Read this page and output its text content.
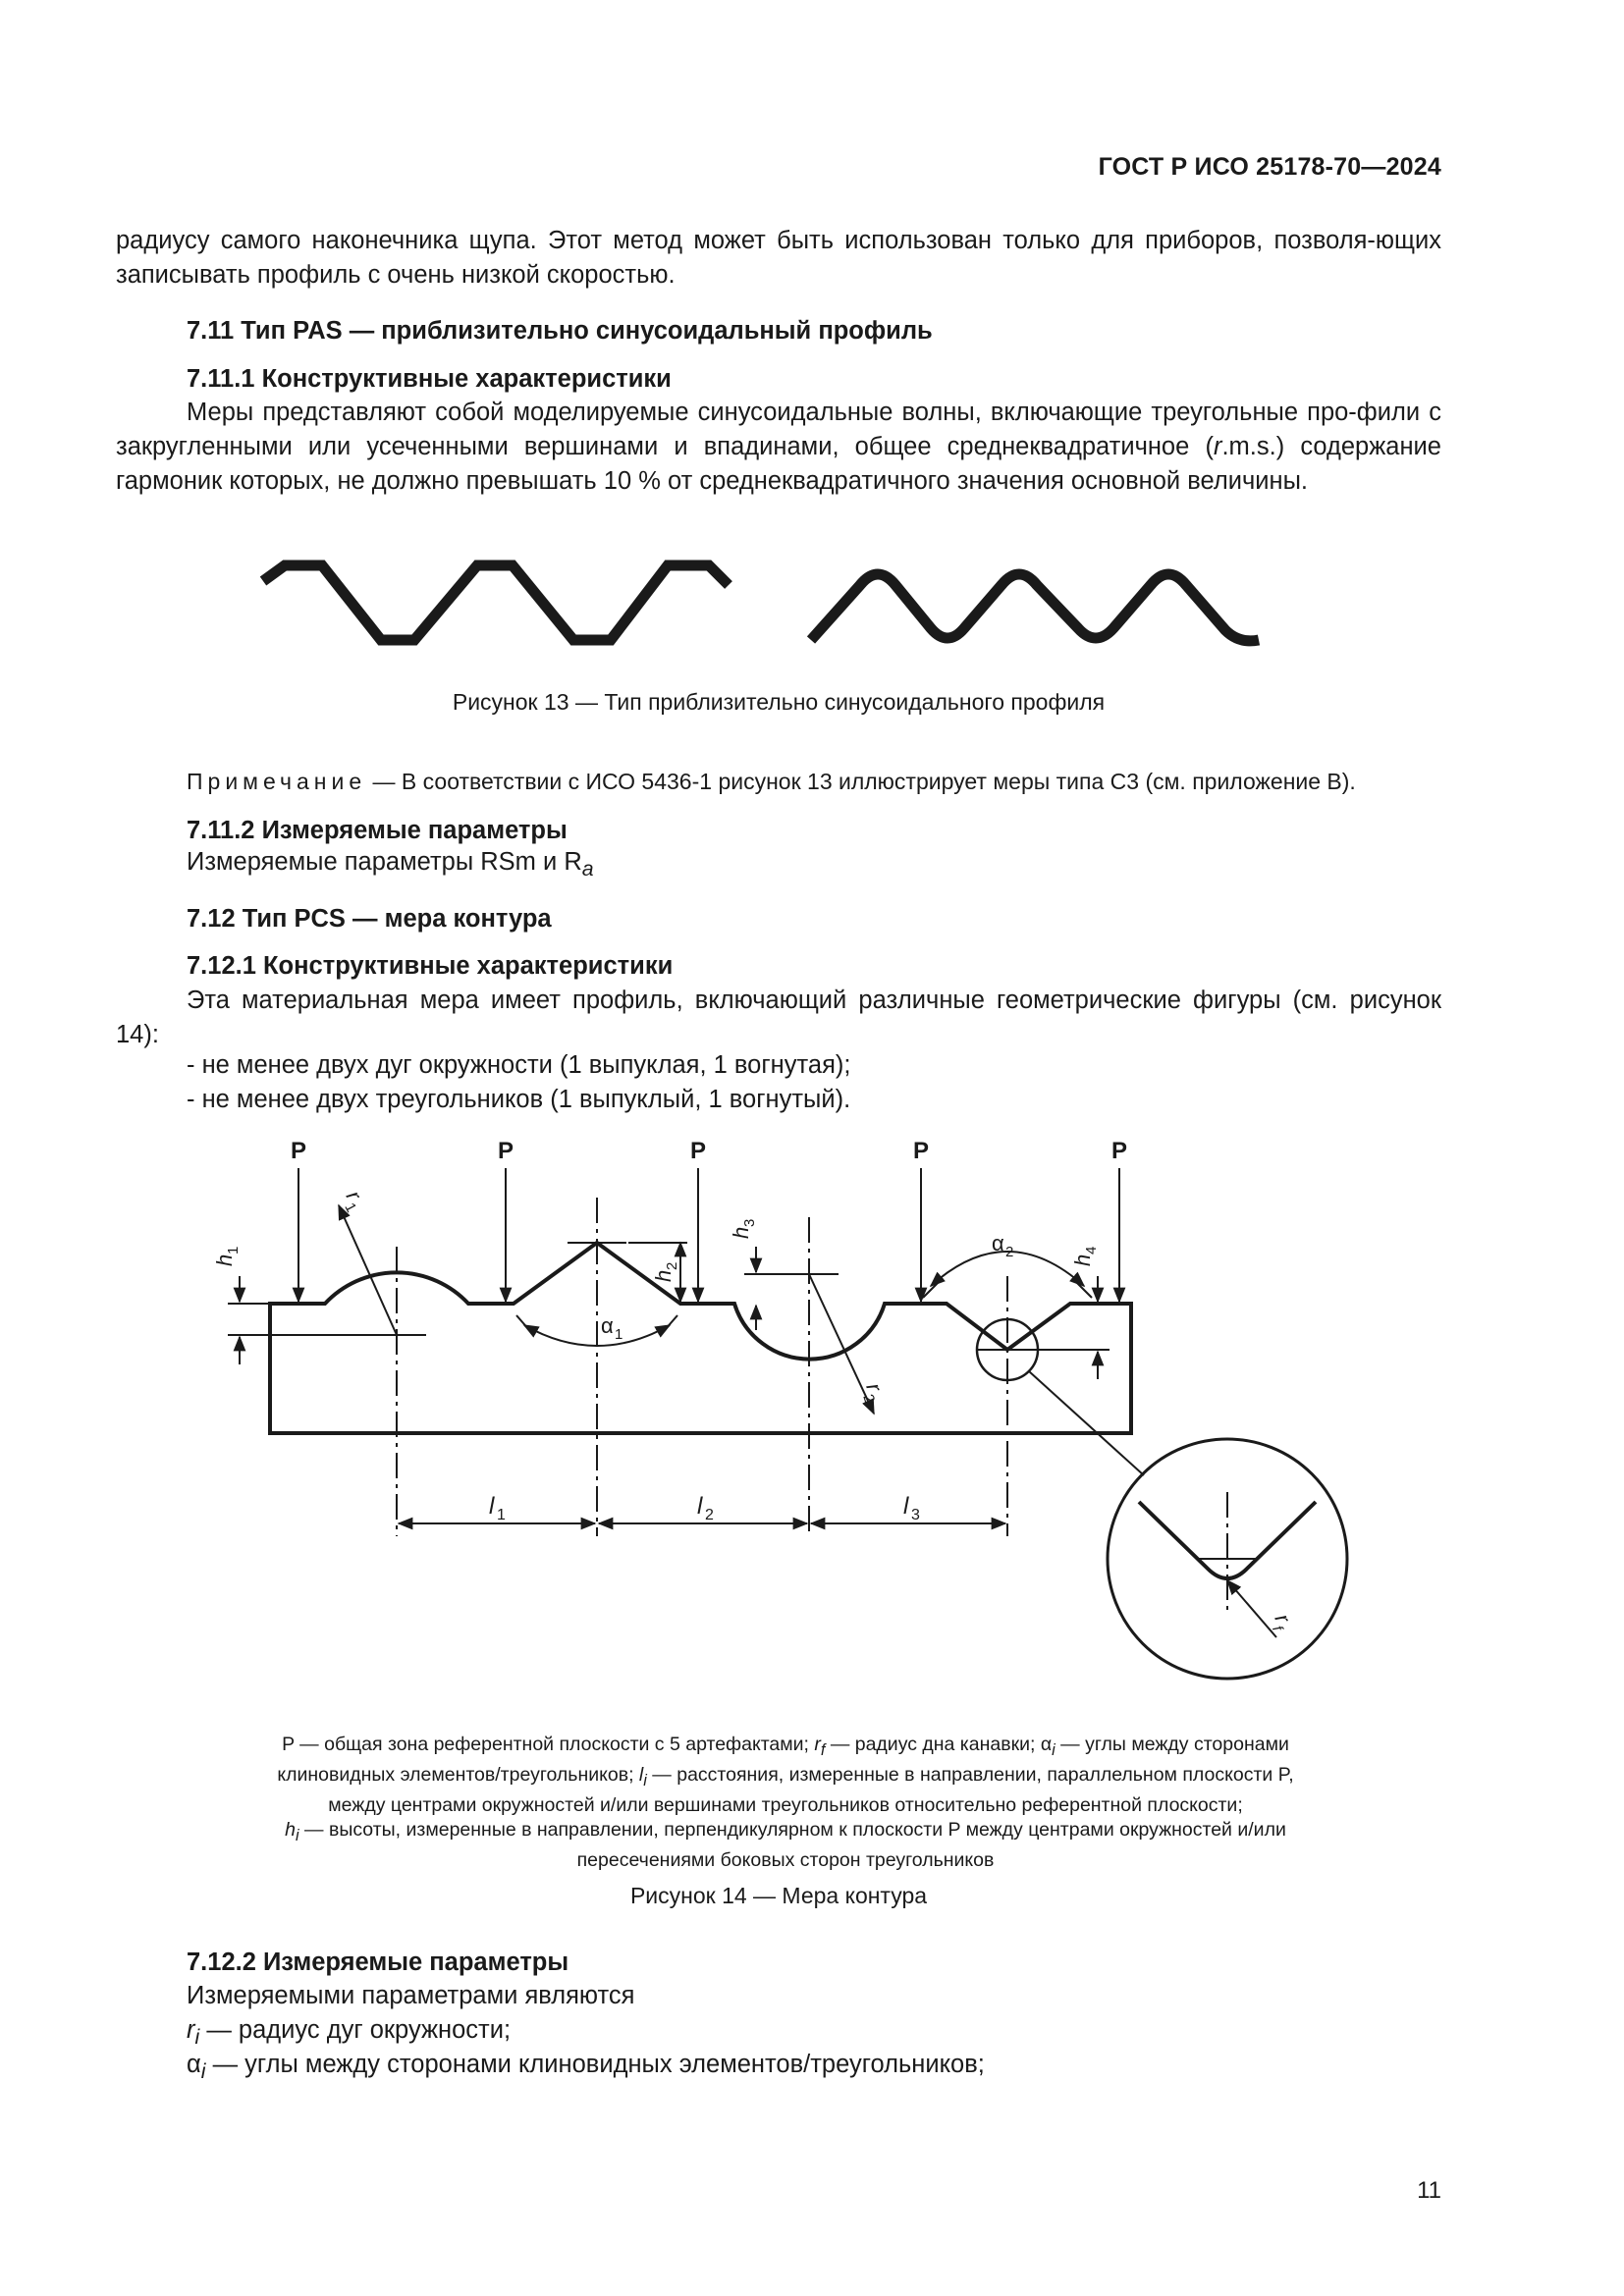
ГОСТ Р ИСО 25178-70—2024
радиусу самого наконечника щупа. Этот метод может быть использован только для приборов, позволя-ющих записывать профиль с очень низкой скоростью.
7.11 Тип PAS — приблизительно синусоидальный профиль
7.11.1 Конструктивные характеристики
Меры представляют собой моделируемые синусоидальные волны, включающие треугольные про-фили с закругленными или усеченными вершинами и впадинами, общее среднеквадратичное (r.m.s.) содержание гармоник которых, не должно превышать 10 % от среднеквадратичного значения основной величины.
Рисунок 13 — Тип приблизительно синусоидального профиля
Примечание — В соответствии с ИСО 5436-1 рисунок 13 иллюстрирует меры типа С3 (см. приложение В).
7.11.2 Измеряемые параметры
Измеряемые параметры RSm и $R_a$
7.12 Тип PCS — мера контура
7.12.1 Конструктивные характеристики
Эта материальная мера имеет профиль, включающий различные геометрические фигуры (см. рисунок 14):
- не менее двух дуг окружности (1 выпуклая, 1 вогнутая);
- не менее двух треугольников (1 выпуклый, 1 вогнутый).
P	P	P	P	P
h
1
r
1
h
2
α 1
h
3
r
2
α 2	h
4
l 1	l 2	l 3
r
f
P — общая зона референтной плоскости с 5 артефактами; $r_f$ — радиус дна канавки; $\alpha_i$ — углы между сторонами
клиновидных элементов/треугольников; $l_i$ — расстояния, измеренные в направлении, параллельном плоскости P,
между центрами окружностей и/или вершинами треугольников относительно референтной плоскости;
$h_i$ — высоты, измеренные в направлении, перпендикулярном к плоскости P между центрами окружностей и/или
пересечениями боковых сторон треугольников
Рисунок 14 — Мера контура
7.12.2 Измеряемые параметры
Измеряемыми параметрами являются
$r_i$ — радиус дуг окружности;
$\alpha_i$ — углы между сторонами клиновидных элементов/треугольников;
11
